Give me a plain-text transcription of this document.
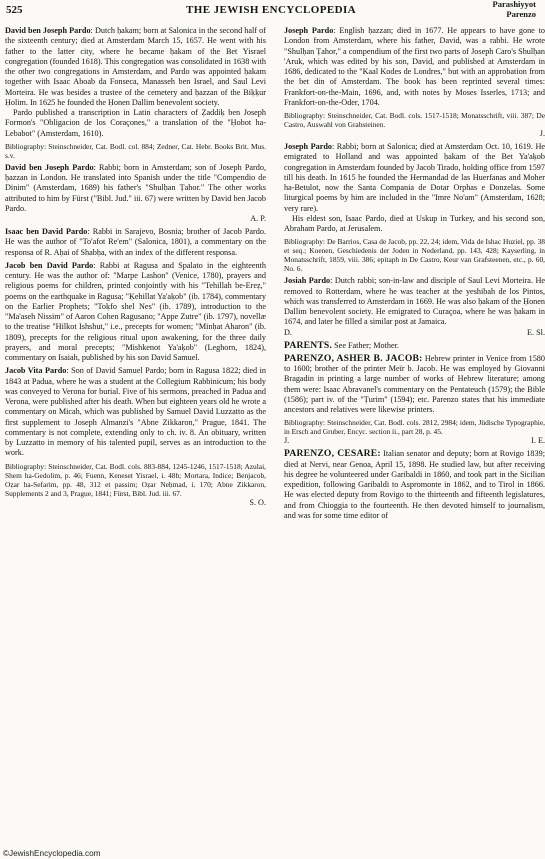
525	THE JEWISH ENCYCLOPEDIA	Parashiyyot
Parenzo

David ben Joseph Pardo: Dutch ḥakam; born at Salonica in the second half of the sixteenth century; died at Amsterdam March 15, 1657. He went with his father to the latter city, where he became ḥakam of the Bet Yisrael congregation (founded 1618). This congregation was consolidated in 1638 with the other two congregations in Amsterdam, and Pardo was appointed ḥakam together with Isaac Aboab da Fonseca, Manasseh ben Israel, and Saul Levi Morteira. He was besides a trustee of the cemetery and ḥazzan of the Biḳḳur Ḥolim. In 1625 he founded the Ḥonen Dallim benevolent society.

Pardo published a transcription in Latin characters of Ẓaddiḳ ben Joseph Formon's "Obligacion de los Coraçones," a translation of the "Ḥobot ha-Lebabot" (Amsterdam, 1610).

Bibliography: Steinschneider, Cat. Bodl. col. 884; Zedner, Cat. Hebr. Books Brit. Mus. s.v.

David ben Joseph Pardo: Rabbi; born in Amsterdam; son of Joseph Pardo, ḥazzan in London. He translated into Spanish under the title "Compendio de Dinim" (Amsterdam, 1689) his father's "Shulḥan Ṭahor." The other works attributed to him by Fürst ("Bibl. Jud." iii. 67) were written by David ben Jacob Pardo.

A. P.

Isaac ben David Pardo: Rabbi in Sarajevo, Bosnia; brother of Jacob Pardo. He was the author of "To'afot Re'em" (Salonica, 1801), a commentary on the responsa of R. Aḥai of Shabḥa, with an index of the different responsa.

Jacob ben David Pardo: Rabbi at Ragusa and Spalato in the eighteenth century. He was the author of: "Marpe Lashon" (Venice, 1780), prayers and religious poems for children, printed conjointly with his "Tehillah be-Ereẓ," poems on the earthquake in Ragusa; "Ḳehillat Ya'aḳob" (ib. 1784), commentary on the Earlier Prophets; "Toḳfo shel Nes" (ib. 1789), introduction to the "Ma'aseh Nissim" of Aaron Cohen Ragusano; "Appe Zutre" (ib. 1797), novellæ to the treatise "Hilkot Ishshut," i.e., precepts for women; "Minḥat Aharon" (ib. 1809), precepts for the religious ritual upon awakening, for the three daily prayers, and moral precepts; "Mishkenot Ya'aḳob" (Leghorn, 1824), commentary on Isaiah, published by his son David Samuel.

Jacob Vita Pardo: Son of David Samuel Pardo; born in Ragusa 1822; died in 1843 at Padua, where he was a student at the Collegium Rabbinicum; his body was conveyed to Verona for burial. Five of his sermons, preached in Padua and Verona, were published after his death. When but eighteen years old he wrote a commentary on Micah, which was published by Samuel David Luzzatto as the first supplement to Joseph Almanzi's "Abne Zikkaron," Prague, 1841. The commentary is not complete, extending only to ch. iv. 8. An obituary, written by Luzzatto in memory of his talented pupil, serves as an introduction to the work.

Bibliography: Steinschneider, Cat. Bodl. cols. 883-884, 1245-1246, 1517-1518; Azulai, Shem ha-Gedolim, p. 46; Fuenn, Keneset Yisrael, i. 48b; Mortara, Indice; Benjacob, Oẓar ha-Sefarim, pp. 48, 312 et passim; Oẓar Neḥmad, i. 170; Abne Zikkaron, Supplements 2 and 3, Prague, 1841; Fürst, Bibl. Jud. iii. 67.

S. O.

Joseph Pardo: English ḥazzan; died in 1677. He appears to have gone to London from Amsterdam, where his father, David, was a rabbi. He wrote "Shulḥan Ṭahor," a compendium of the first two parts of Joseph Caro's Shulḥan 'Aruk, which was edited by his son, David, and published at Amsterdam in 1686, dedicated to the "Kaal Kodes de Londres," but with an approbation from the bet din of Amsterdam. The book has been reprinted several times: Frankfort-on-the-Main, 1696, and, with notes by Moses Isserles, 1713; and Frankfort-on-the-Oder, 1704.

Bibliography: Steinschneider, Cat. Bodl. cols. 1517-1518; Monatsschrift, viii. 387; De Castro, Auswahl von Grabsteinen.

J.

Joseph Pardo: Rabbi; born at Salonica; died at Amsterdam Oct. 10, 1619. He emigrated to Holland and was appointed ḥakam of the Bet Ya'aḳob congregation in Amsterdam founded by Jacob Tirado, holding office from 1597 till his death. In 1615 he founded the Hermandad de las Huerfanas and Moher ha-Betulot, now the Santa Compania de Dotar Orphas e Donzelas. Some liturgical poems by him are included in the "Imre No'am" (Amsterdam, 1628; very rare).

His eldest son, Isaac Pardo, died at Uskup in Turkey, and his second son, Abraham Pardo, at Jerusalem.

Bibliography: De Barrios, Casa de Jacob, pp. 22, 24; idem, Vida de Ishac Huziel, pp. 38 et seq.; Koenen, Geschiedenis der Joden in Nederland, pp. 143, 428; Kayserling, in Monatsschrift, 1859, viii. 386; epitaph in De Castro, Keur van Grafsteenen, etc., p. 60, No. 6.

Josiah Pardo: Dutch rabbi; son-in-law and disciple of Saul Levi Morteira. He removed to Rotterdam, where he was teacher at the yeshibah de los Pintos, which was transferred to Amsterdam in 1669. He was also ḥakam of the Ḥonen Dallim benevolent society. He emigrated to Curaçoa, where he was ḥakam in 1674, and later he filled a similar post at Jamaica.

D.	E. Sl.

PARENTS. See Father; Mother.

PARENZO, ASHER B. JACOB: Hebrew printer in Venice from 1580 to 1600; brother of the printer Meïr b. Jacob. He was employed by Giovanni Bragadin in printing a large number of works of Hebrew literature; among them were: Isaac Abravanel's commentary on the Pentateuch (1579); the Bible (1586); part iv. of the "Ṭurim" (1594); etc. Parenzo states that his immediate ancestors and relatives were likewise printers.

Bibliography: Steinschneider, Cat. Bodl. cols. 2812, 2984; idem, Jüdische Typographie, in Ersch and Gruber, Encyc. section ii., part 28, p. 45.

J.	I. E.

PARENZO, CESARE: Italian senator and deputy; born at Rovigo 1839; died at Nervi, near Genoa, April 15, 1898. He studied law, but after receiving his degree he volunteered under Garibaldi in 1860, and took part in the Sicilian expedition, following Garibaldi to Aspromonte in 1862, and to Tirol in 1866. He was elected deputy from Rovigo to the thirteenth and fifteenth legislatures, and from Chioggia to the fourteenth. He then devoted himself to journalism, and was for some time editor of

©JewishEncyclopedia.com
